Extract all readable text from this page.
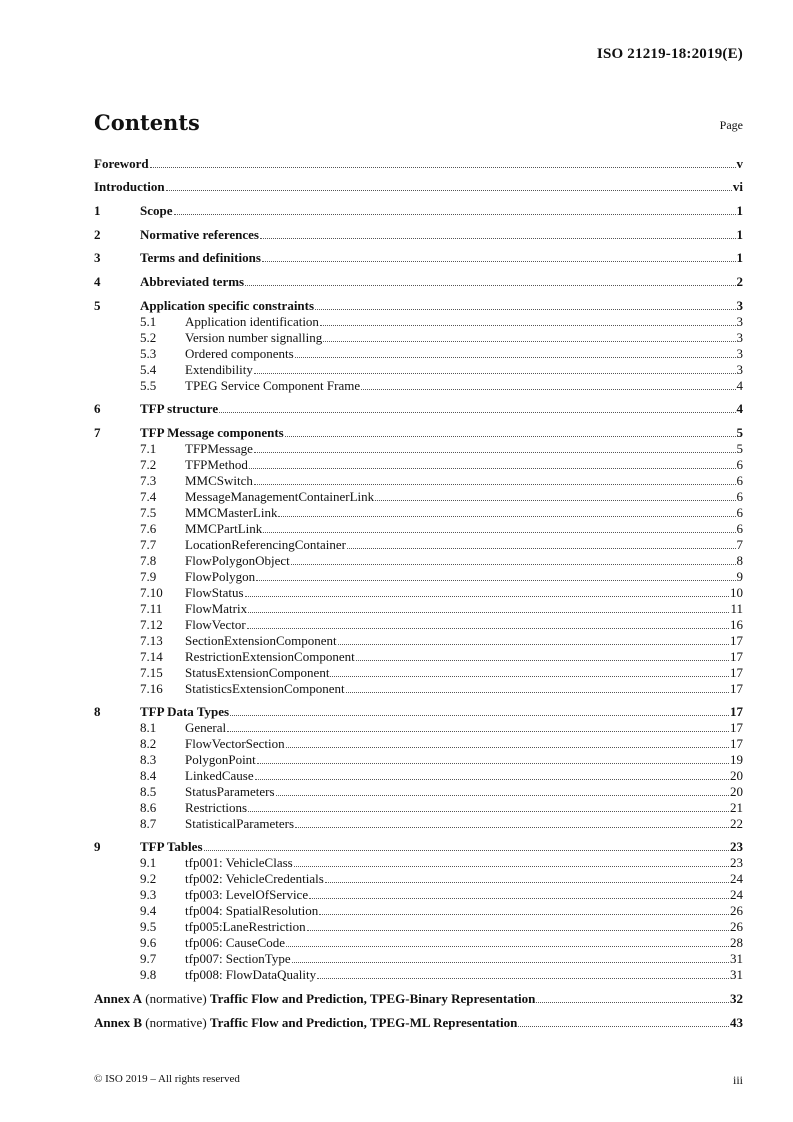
ISO 21219-18:2019(E)
Contents	Page
Foreword	v
Introduction	vi
1	Scope	1
2	Normative references	1
3	Terms and definitions	1
4	Abbreviated terms	2
5	Application specific constraints	3
5.1 Application identification	3
5.2 Version number signalling	3
5.3 Ordered components	3
5.4 Extendibility	3
5.5 TPEG Service Component Frame	4
6	TFP structure	4
7	TFP Message components	5
7.1 TFPMessage	5
7.2 TFPMethod	6
7.3 MMCSwitch	6
7.4 MessageManagementContainerLink	6
7.5 MMCMasterLink	6
7.6 MMCPartLink	6
7.7 LocationReferencingContainer	7
7.8 FlowPolygonObject	8
7.9 FlowPolygon	9
7.10 FlowStatus	10
7.11 FlowMatrix	11
7.12 FlowVector	16
7.13 SectionExtensionComponent	17
7.14 RestrictionExtensionComponent	17
7.15 StatusExtensionComponent	17
7.16 StatisticsExtensionComponent	17
8	TFP Data Types	17
8.1 General	17
8.2 FlowVectorSection	17
8.3 PolygonPoint	19
8.4 LinkedCause	20
8.5 StatusParameters	20
8.6 Restrictions	21
8.7 StatisticalParameters	22
9	TFP Tables	23
9.1 tfp001: VehicleClass	23
9.2 tfp002: VehicleCredentials	24
9.3 tfp003: LevelOfService	24
9.4 tfp004: SpatialResolution	26
9.5 tfp005:LaneRestriction	26
9.6 tfp006: CauseCode	28
9.7 tfp007: SectionType	31
9.8 tfp008: FlowDataQuality	31
Annex A (normative) Traffic Flow and Prediction, TPEG-Binary Representation	32
Annex B (normative) Traffic Flow and Prediction, TPEG-ML Representation	43
© ISO 2019 – All rights reserved	iii
